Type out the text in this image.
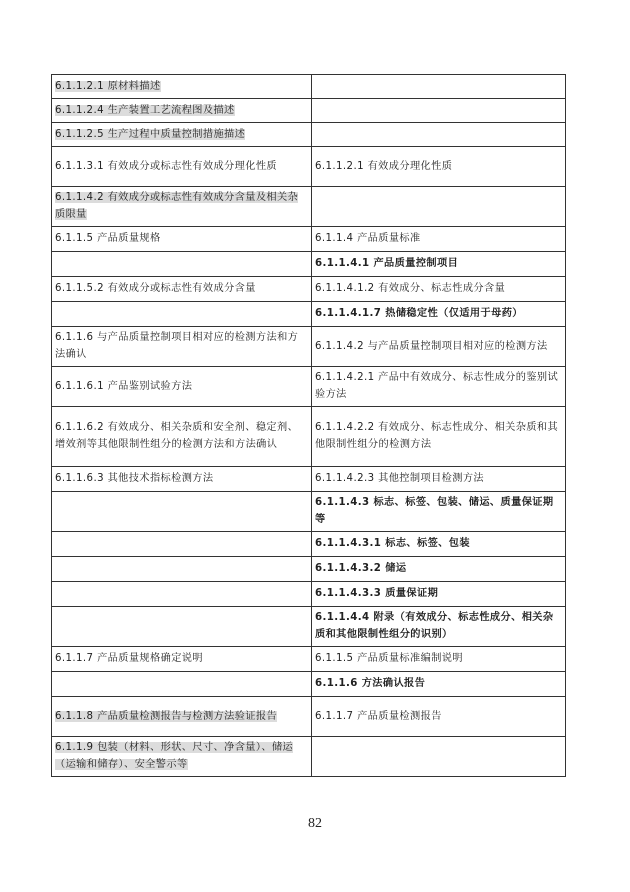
6.1.1.2.1 原材料描述	
6.1.1.2.4 生产装置工艺流程图及描述	
6.1.1.2.5 生产过程中质量控制措施描述	
6.1.1.3.1 有效成分或标志性有效成分理化性质	6.1.1.2.1 有效成分理化性质
6.1.1.4.2 有效成分或标志性有效成分含量及相关杂质限量	
6.1.1.5 产品质量规格	6.1.1.4 产品质量标准
	6.1.1.4.1 产品质量控制项目
6.1.1.5.2 有效成分或标志性有效成分含量	6.1.1.4.1.2 有效成分、标志性成分含量
	6.1.1.4.1.7 热储稳定性（仅适用于母药）
6.1.1.6 与产品质量控制项目相对应的检测方法和方法确认	6.1.1.4.2 与产品质量控制项目相对应的检测方法
6.1.1.6.1 产品鉴别试验方法	6.1.1.4.2.1 产品中有效成分、标志性成分的鉴别试验方法
6.1.1.6.2 有效成分、相关杂质和安全剂、稳定剂、增效剂等其他限制性组分的检测方法和方法确认	6.1.1.4.2.2 有效成分、标志性成分、相关杂质和其他限制性组分的检测方法
6.1.1.6.3 其他技术指标检测方法	6.1.1.4.2.3 其他控制项目检测方法
	6.1.1.4.3 标志、标签、包装、储运、质量保证期等
	6.1.1.4.3.1 标志、标签、包装
	6.1.1.4.3.2 储运
	6.1.1.4.3.3 质量保证期
	6.1.1.4.4 附录（有效成分、标志性成分、相关杂质和其他限制性组分的识别）
6.1.1.7 产品质量规格确定说明	6.1.1.5 产品质量标准编制说明
	6.1.1.6 方法确认报告
6.1.1.8 产品质量检测报告与检测方法验证报告	6.1.1.7 产品质量检测报告
6.1.1.9 包装（材料、形状、尺寸、净含量）、储运（运输和储存）、安全警示等	
82
